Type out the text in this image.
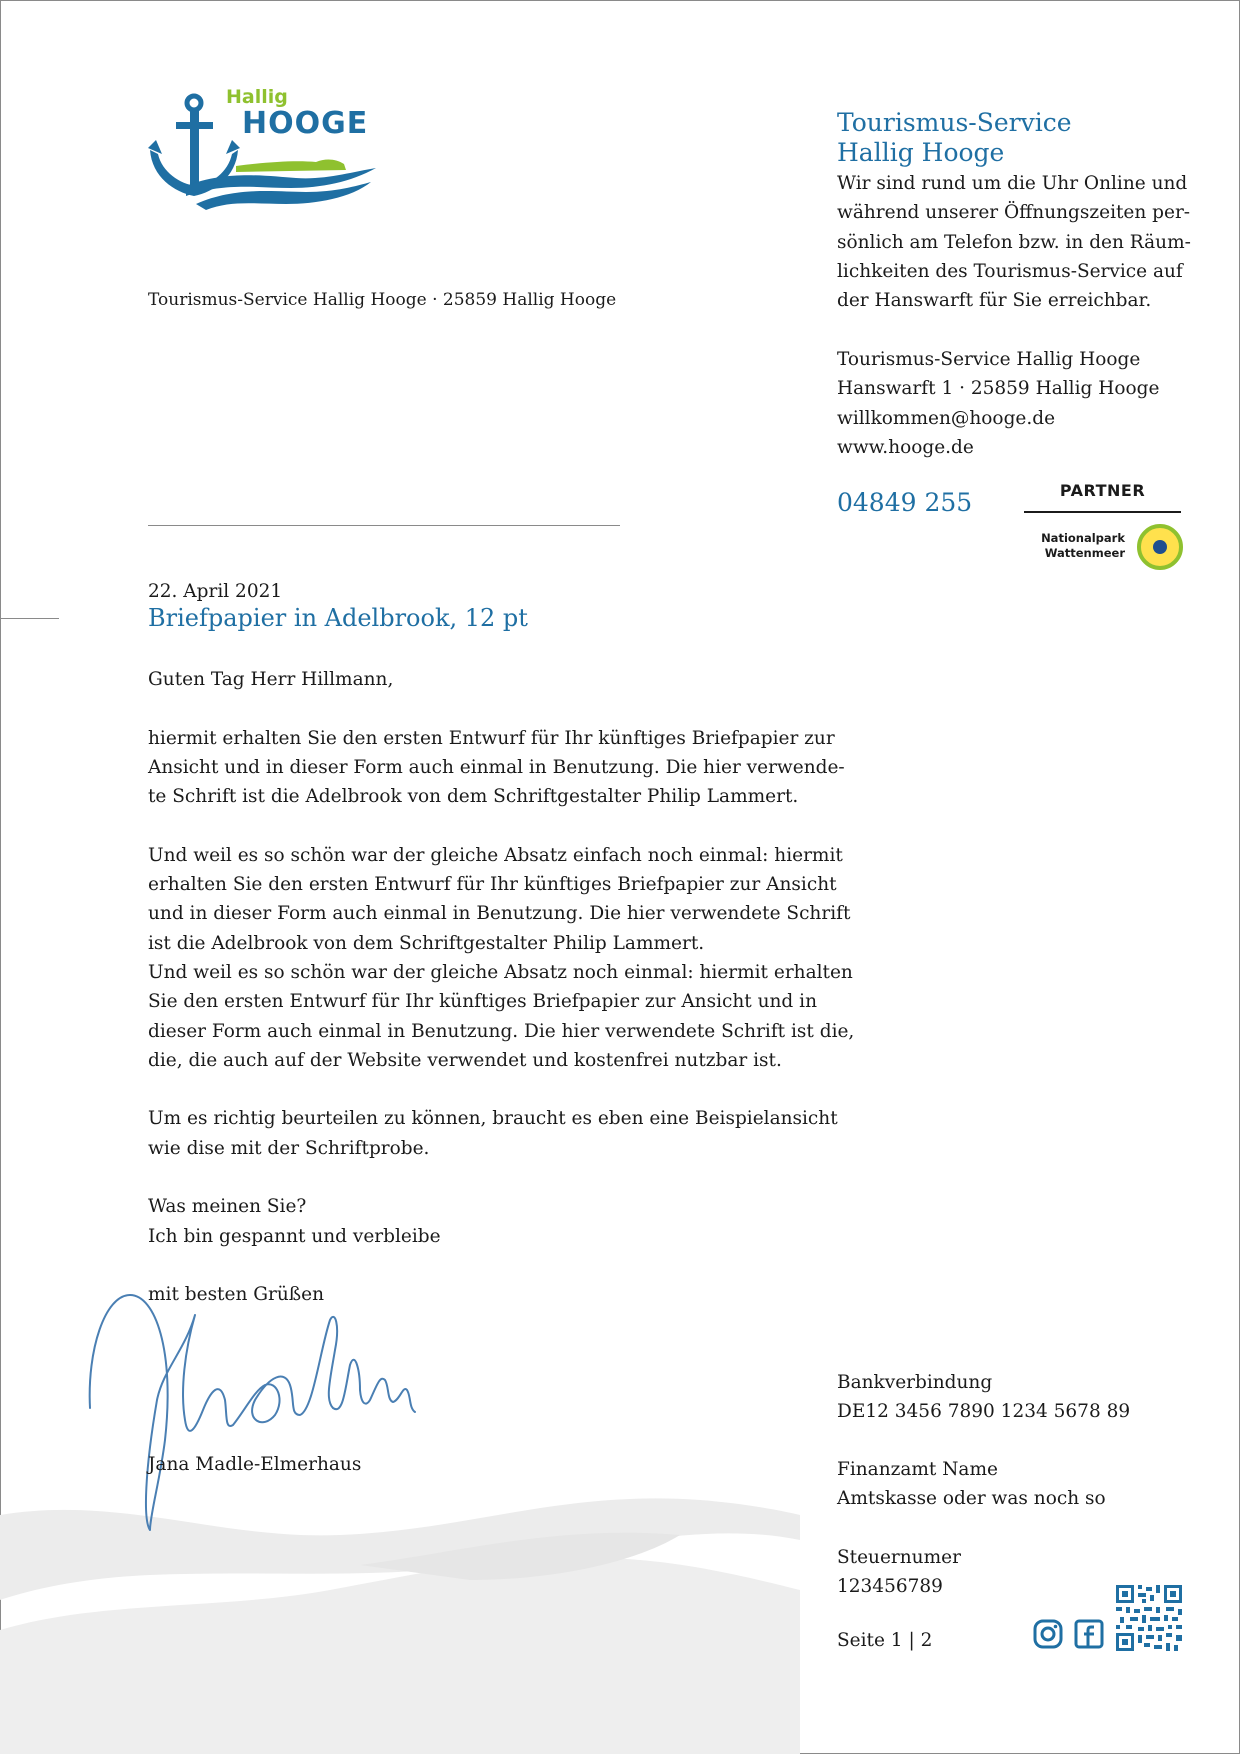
Hallig
HOOGE
Tourismus-Service Hallig Hooge · 25859 Hallig Hooge
Tourismus-Service
Hallig Hooge
Wir sind rund um die Uhr Online und
während unserer Öffnungszeiten per-
sönlich am Telefon bzw. in den Räum-
lichkeiten des Tourismus-Service auf
der Hanswarft für Sie erreichbar.
Tourismus-Service Hallig Hooge
Hanswarft 1 · 25859 Hallig Hooge
willkommen@hooge.de
www.hooge.de
04849 255	PARTNER
Nationalpark
Wattenmeer
22. April 2021
Briefpapier in Adelbrook, 12 pt
Guten Tag Herr Hillmann,
hiermit erhalten Sie den ersten Entwurf für Ihr künftiges Briefpapier zur
Ansicht und in dieser Form auch einmal in Benutzung. Die hier verwende-
te Schrift ist die Adelbrook von dem Schriftgestalter Philip Lammert.
Und weil es so schön war der gleiche Absatz einfach noch einmal: hiermit
erhalten Sie den ersten Entwurf für Ihr künftiges Briefpapier zur Ansicht
und in dieser Form auch einmal in Benutzung. Die hier verwendete Schrift
ist die Adelbrook von dem Schriftgestalter Philip Lammert.
Und weil es so schön war der gleiche Absatz noch einmal: hiermit erhalten
Sie den ersten Entwurf für Ihr künftiges Briefpapier zur Ansicht und in
dieser Form auch einmal in Benutzung. Die hier verwendete Schrift ist die,
die, die auch auf der Website verwendet und kostenfrei nutzbar ist.
Um es richtig beurteilen zu können, braucht es eben eine Beispielansicht
wie dise mit der Schriftprobe.
Was meinen Sie?
Ich bin gespannt und verbleibe
mit besten Grüßen
Jana Madle-Elmerhaus
Bankverbindung
DE12 3456 7890 1234 5678 89
Finanzamt Name
Amtskasse oder was noch so
Steuernumer
123456789
Seite 1 | 2
